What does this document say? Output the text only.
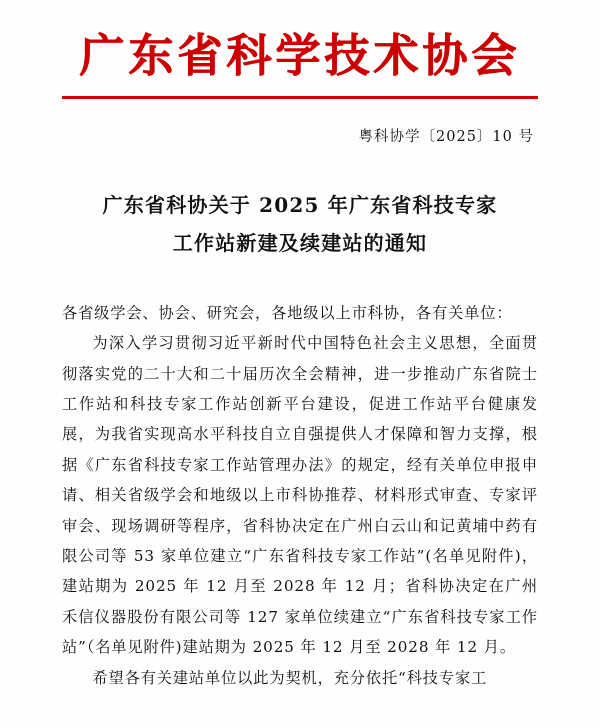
广东省科学技术协会
粤科协学〔2025〕10 号
广东省科协关于 2025 年广东省科技专家
工作站新建及续建站的通知

各省级学会、协会、研究会，各地级以上市科协，各有关单位：

为深入学习贯彻习近平新时代中国特色社会主义思想，全面贯彻落实党的二十大和二十届历次全会精神，进一步推动广东省院士工作站和科技专家工作站创新平台建设，促进工作站平台健康发展，为我省实现高水平科技自立自强提供人才保障和智力支撑，根据《广东省科技专家工作站管理办法》的规定，经有关单位申报申请、相关省级学会和地级以上市科协推荐、材料形式审查、专家评审会、现场调研等程序，省科协决定在广州白云山和记黄埔中药有限公司等 53 家单位建立“广东省科技专家工作站”(名单见附件)，建站期为 2025 年 12 月至 2028 年 12 月；省科协决定在广州禾信仪器股份有限公司等 127 家单位续建立“广东省科技专家工作站”（名单见附件)建站期为 2025 年 12 月至 2028 年 12 月。

希望各有关建站单位以此为契机，充分依托“科技专家工
